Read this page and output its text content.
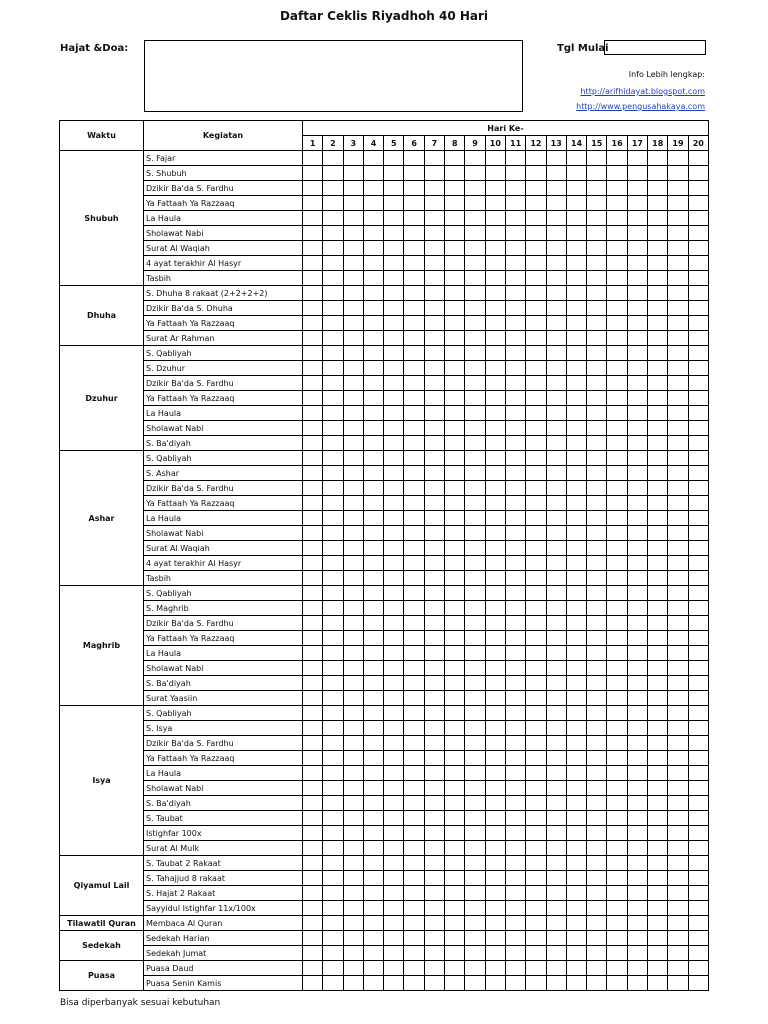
Daftar Ceklis Riyadhoh 40 Hari
Hajat &Doa:	Tgl Mulai
Info Lebih lengkap:
http://arifhidayat.blogspot.com
http://www.pengusahakaya.com
Waktu	Kegiatan	Hari Ke-																			
		1	2	3	4	5	6	7	8	9	10	11	12	13	14	15	16	17	18	19	20
Shubuh	S. Fajar																				
	S. Shubuh																				
	Dzikir Ba'da S. Fardhu																				
	Ya Fattaah Ya Razzaaq																				
	La Haula																				
	Sholawat Nabi																				
	Surat Al Waqiah																				
	4 ayat terakhir Al Hasyr																				
	Tasbih																				
Dhuha	S. Dhuha 8 rakaat (2+2+2+2)																				
	Dzikir Ba'da S. Dhuha																				
	Ya Fattaah Ya Razzaaq																				
	Surat Ar Rahman																				
Dzuhur	S. Qabliyah																				
	S. Dzuhur																				
	Dzikir Ba'da S. Fardhu																				
	Ya Fattaah Ya Razzaaq																				
	La Haula																				
	Sholawat Nabi																				
	S. Ba'diyah																				
Ashar	S. Qabliyah																				
	S. Ashar																				
	Dzikir Ba'da S. Fardhu																				
	Ya Fattaah Ya Razzaaq																				
	La Haula																				
	Sholawat Nabi																				
	Surat Al Waqiah																				
	4 ayat terakhir Al Hasyr																				
	Tasbih																				
Maghrib	S. Qabliyah																				
	S. Maghrib																				
	Dzikir Ba'da S. Fardhu																				
	Ya Fattaah Ya Razzaaq																				
	La Haula																				
	Sholawat Nabi																				
	S. Ba'diyah																				
	Surat Yaasiin																				
Isya	S. Qabliyah																				
	S. Isya																				
	Dzikir Ba'da S. Fardhu																				
	Ya Fattaah Ya Razzaaq																				
	La Haula																				
	Sholawat Nabi																				
	S. Ba'diyah																				
	S. Taubat																				
	Istighfar 100x																				
	Surat Al Mulk																				
Qiyamul Lail	S. Taubat 2 Rakaat																				
	S. Tahajjud 8 rakaat																				
	S. Hajat 2 Rakaat																				
	Sayyidul Istighfar 11x/100x																				
Tilawatil Quran	Membaca Al Quran																				
Sedekah	Sedekah Harian																				
	Sedekah Jumat																				
Puasa	Puasa Daud																				
	Puasa Senin Kamis																				
Bisa diperbanyak sesuai kebutuhan
